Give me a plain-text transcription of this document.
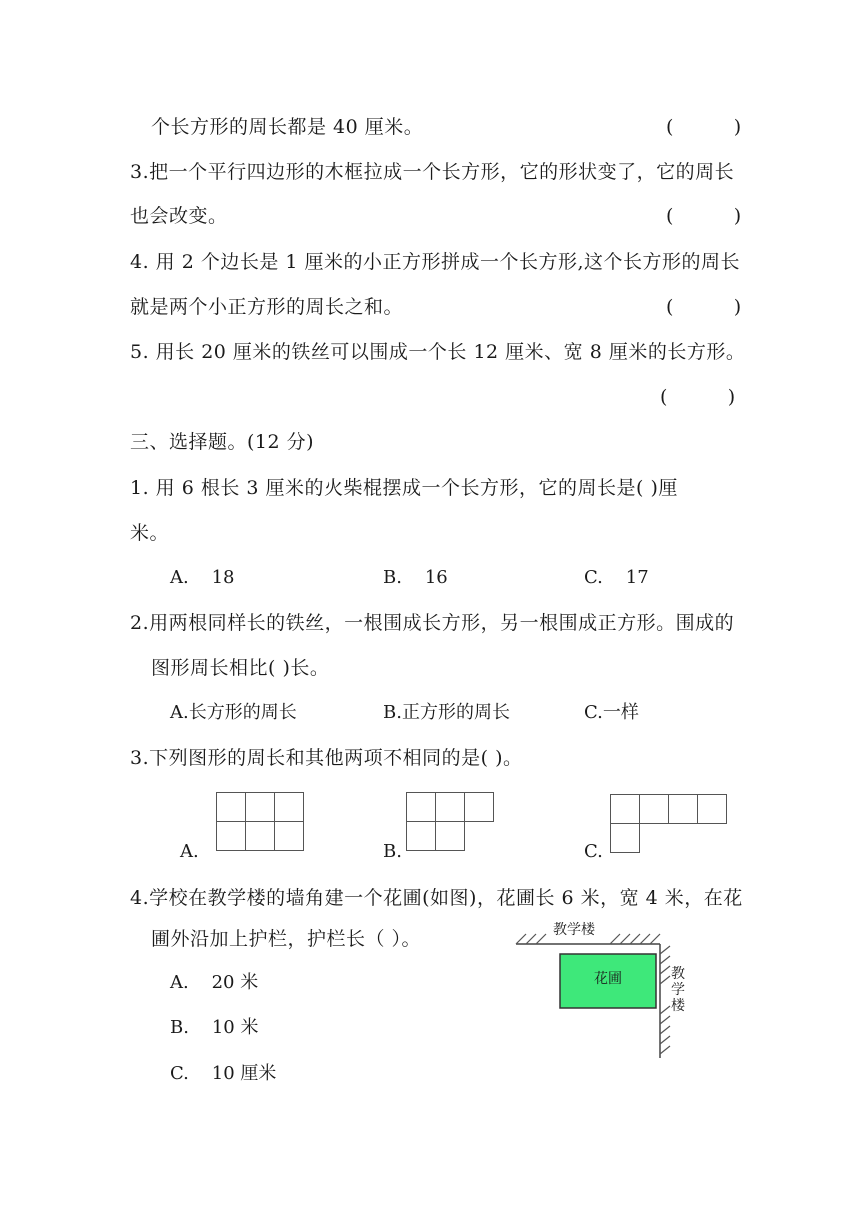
个长方形的周长都是 40 厘米。	(          )
3.把一个平行四边形的木框拉成一个长方形，它的形状变了，它的周长
也会改变。	(          )
4. 用 2 个边长是 1 厘米的小正方形拼成一个长方形,这个长方形的周长
就是两个小正方形的周长之和。	(          )
5. 用长 20 厘米的铁丝可以围成一个长 12 厘米、宽 8 厘米的长方形。
(          )
三、选择题。(12 分)
1. 用 6 根长 3 厘米的火柴棍摆成一个长方形，它的周长是( )厘
米。
A.    18	B.    16	C.    17
2.用两根同样长的铁丝，一根围成长方形，另一根围成正方形。围成的
图形周长相比( )长。
A.长方形的周长	B.正方形的周长	C.一样
3.下列图形的周长和其他两项不相同的是( )。
A.	B.	C.
4.学校在教学楼的墙角建一个花圃(如图)，花圃长 6 米，宽 4 米，在花
圃外沿加上护栏，护栏长（ ）。
A.    20 米
B.    10 米
C.    10 厘米
教学楼
花圃	教
学
楼
